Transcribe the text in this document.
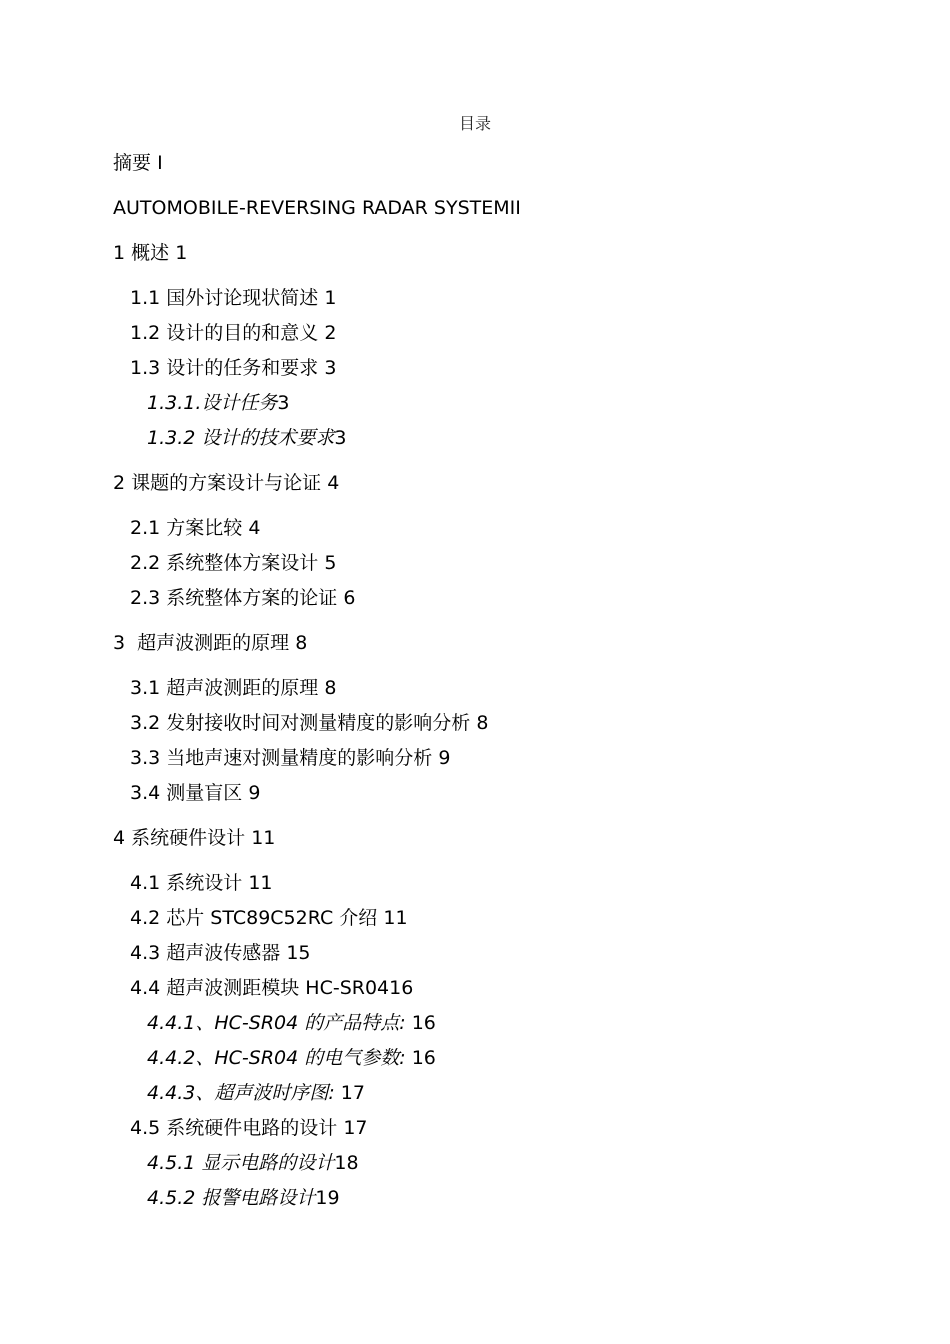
目录
摘要 I
AUTOMOBILE-REVERSING RADAR SYSTEMII
1 概述 1
1.1 国外讨论现状简述 1
1.2 设计的目的和意义 2
1.3 设计的任务和要求 3
1.3.1.设计任务3
1.3.2 设计的技术要求3
2 课题的方案设计与论证 4
2.1 方案比较 4
2.2 系统整体方案设计 5
2.3 系统整体方案的论证 6
3  超声波测距的原理 8
3.1 超声波测距的原理 8
3.2 发射接收时间对测量精度的影响分析 8
3.3 当地声速对测量精度的影响分析 9
3.4 测量盲区 9
4 系统硬件设计 11
4.1 系统设计 11
4.2 芯片 STC89C52RC 介绍 11
4.3 超声波传感器 15
4.4 超声波测距模块 HC-SR0416
4.4.1、HC-SR04 的产品特点: 16
4.4.2、HC-SR04 的电气参数: 16
4.4.3、超声波时序图: 17
4.5 系统硬件电路的设计 17
4.5.1 显示电路的设计18
4.5.2 报警电路设计19
